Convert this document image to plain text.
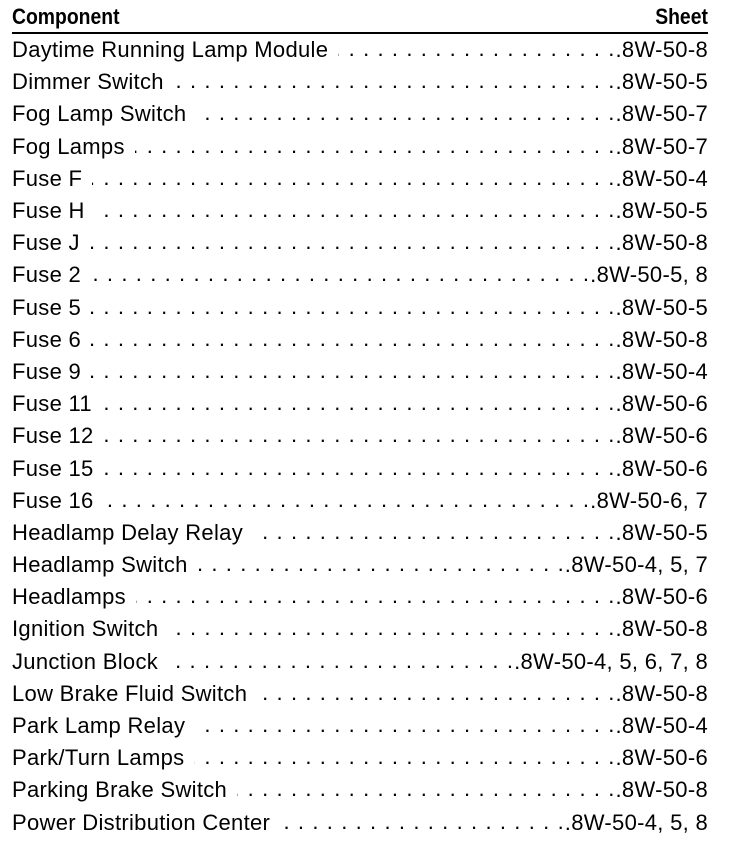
Component	Sheet
Daytime Running Lamp Module . . .	.8W-50-8
Dimmer Switch . . .	.8W-50-5
Fog Lamp Switch . . .	.8W-50-7
Fog Lamps . . .	.8W-50-7
Fuse F . . .	.8W-50-4
Fuse H . . .	.8W-50-5
Fuse J . . .	.8W-50-8
Fuse 2 . . .	.8W-50-5, 8
Fuse 5 . . .	.8W-50-5
Fuse 6 . . .	.8W-50-8
Fuse 9 . . .	.8W-50-4
Fuse 11 . . .	.8W-50-6
Fuse 12 . . .	.8W-50-6
Fuse 15 . . .	.8W-50-6
Fuse 16 . . .	.8W-50-6, 7
Headlamp Delay Relay . . .	.8W-50-5
Headlamp Switch . . .	.8W-50-4, 5, 7
Headlamps . . .	.8W-50-6
Ignition Switch . . .	.8W-50-8
Junction Block . . .	.8W-50-4, 5, 6, 7, 8
Low Brake Fluid Switch . . .	.8W-50-8
Park Lamp Relay . . .	.8W-50-4
Park/Turn Lamps . . .	.8W-50-6
Parking Brake Switch . . .	.8W-50-8
Power Distribution Center . . .	.8W-50-4, 5, 8
